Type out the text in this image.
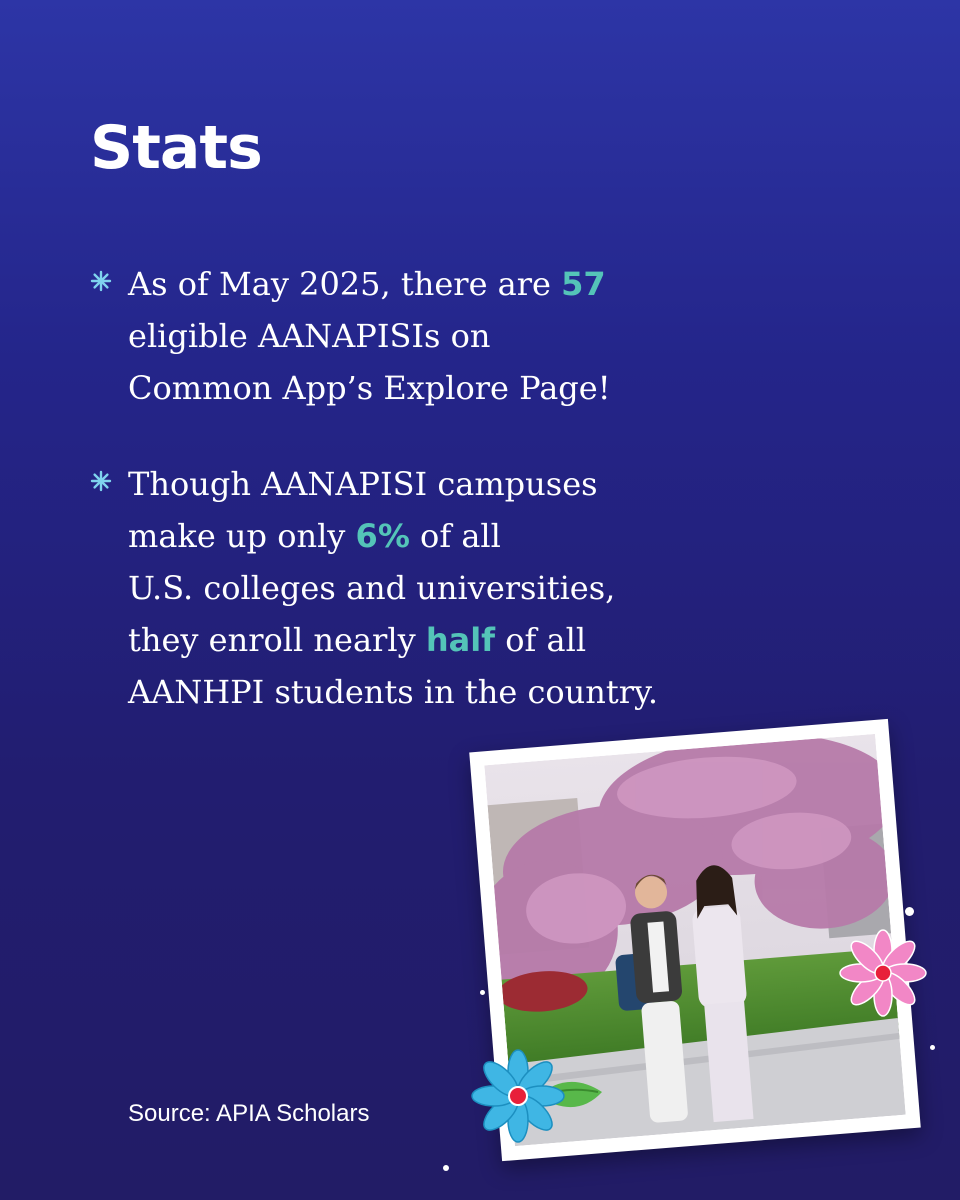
Stats
As of May 2025, there are 57
eligible AANAPISIs on
Common App’s Explore Page!
Though AANAPISI campuses
make up only 6% of all
U.S. colleges and universities,
they enroll nearly half of all
AANHPI students in the country.
Source: APIA Scholars
